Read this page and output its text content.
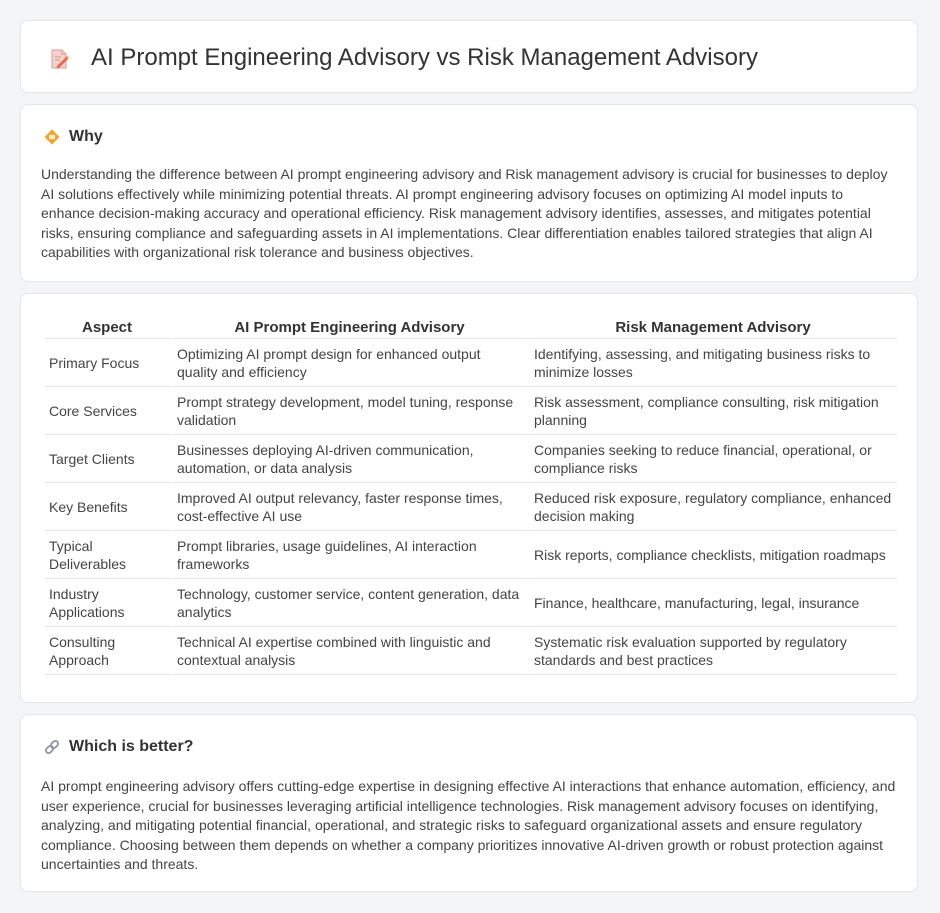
AI Prompt Engineering Advisory vs Risk Management Advisory
Why

Understanding the difference between AI prompt engineering advisory and Risk management advisory is crucial for businesses to deploy AI solutions effectively while minimizing potential threats. AI prompt engineering advisory focuses on optimizing AI model inputs to enhance decision-making accuracy and operational efficiency. Risk management advisory identifies, assesses, and mitigates potential risks, ensuring compliance and safeguarding assets in AI implementations. Clear differentiation enables tailored strategies that align AI capabilities with organizational risk tolerance and business objectives.

Aspect	AI Prompt Engineering Advisory	Risk Management Advisory
Primary Focus	Optimizing AI prompt design for enhanced output quality and efficiency	Identifying, assessing, and mitigating business risks to minimize losses
Core Services	Prompt strategy development, model tuning, response validation	Risk assessment, compliance consulting, risk mitigation planning
Target Clients	Businesses deploying AI-driven communication, automation, or data analysis	Companies seeking to reduce financial, operational, or compliance risks
Key Benefits	Improved AI output relevancy, faster response times, cost-effective AI use	Reduced risk exposure, regulatory compliance, enhanced decision making
Typical Deliverables	Prompt libraries, usage guidelines, AI interaction frameworks	Risk reports, compliance checklists, mitigation roadmaps
Industry Applications	Technology, customer service, content generation, data analytics	Finance, healthcare, manufacturing, legal, insurance
Consulting Approach	Technical AI expertise combined with linguistic and contextual analysis	Systematic risk evaluation supported by regulatory standards and best practices
Which is better?

AI prompt engineering advisory offers cutting-edge expertise in designing effective AI interactions that enhance automation, efficiency, and user experience, crucial for businesses leveraging artificial intelligence technologies. Risk management advisory focuses on identifying, analyzing, and mitigating potential financial, operational, and strategic risks to safeguard organizational assets and ensure regulatory compliance. Choosing between them depends on whether a company prioritizes innovative AI-driven growth or robust protection against uncertainties and threats.
